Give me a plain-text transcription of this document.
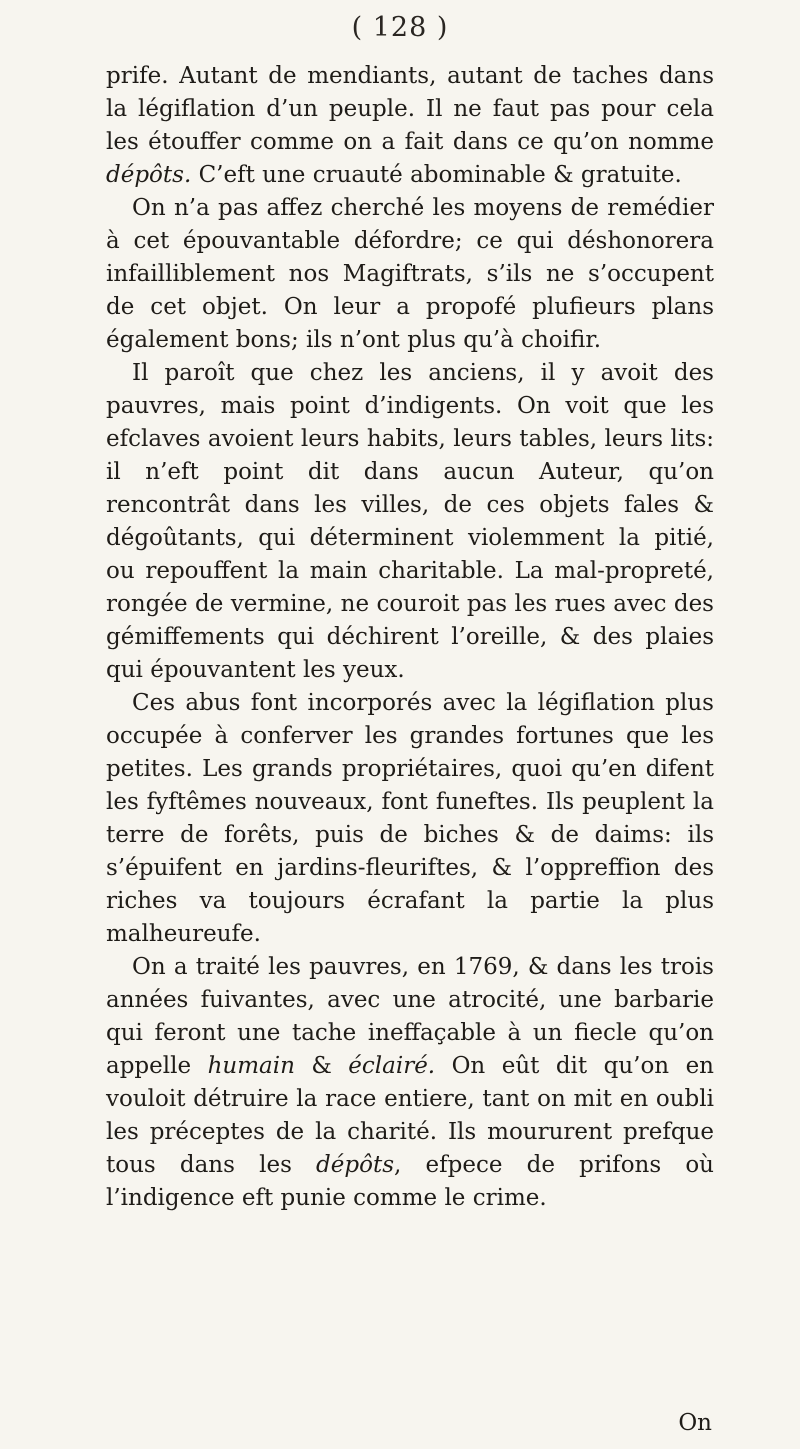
( 128 )

prife. Autant de mendiants, autant de taches dans la légiflation d’un peuple. Il ne faut pas pour cela les étouffer comme on a fait dans ce qu’on nomme dépôts. C’eft une cruauté abominable & gratuite.

On n’a pas affez cherché les moyens de remédier à cet épouvantable défordre; ce qui déshonorera infailliblement nos Magiftrats, s’ils ne s’occupent de cet objet. On leur a propofé plufieurs plans également bons; ils n’ont plus qu’à choifir.

Il paroît que chez les anciens, il y avoit des pauvres, mais point d’indigents. On voit que les efclaves avoient leurs habits, leurs tables, leurs lits: il n’eft point dit dans aucun Auteur, qu’on rencontrât dans les villes, de ces objets fales & dégoûtants, qui déterminent violemment la pitié, ou repouffent la main charitable. La mal-propreté, rongée de vermine, ne couroit pas les rues avec des gémiffements qui déchirent l’oreille, & des plaies qui épouvantent les yeux.

Ces abus font incorporés avec la légiflation plus occupée à conferver les grandes fortunes que les petites. Les grands propriétaires, quoi qu’en difent les fyftêmes nouveaux, font funeftes. Ils peuplent la terre de forêts, puis de biches & de daims: ils s’épuifent en jardins-fleuriftes, & l’oppreffion des riches va toujours écrafant la partie la plus malheureufe.

On a traité les pauvres, en 1769, & dans les trois années fuivantes, avec une atrocité, une barbarie qui feront une tache ineffaçable à un fiecle qu’on appelle humain & éclairé. On eût dit qu’on en vouloit détruire la race entiere, tant on mit en oubli les préceptes de la charité. Ils moururent prefque tous dans les dépôts, efpece de prifons où l’indigence eft punie comme le crime.

On
